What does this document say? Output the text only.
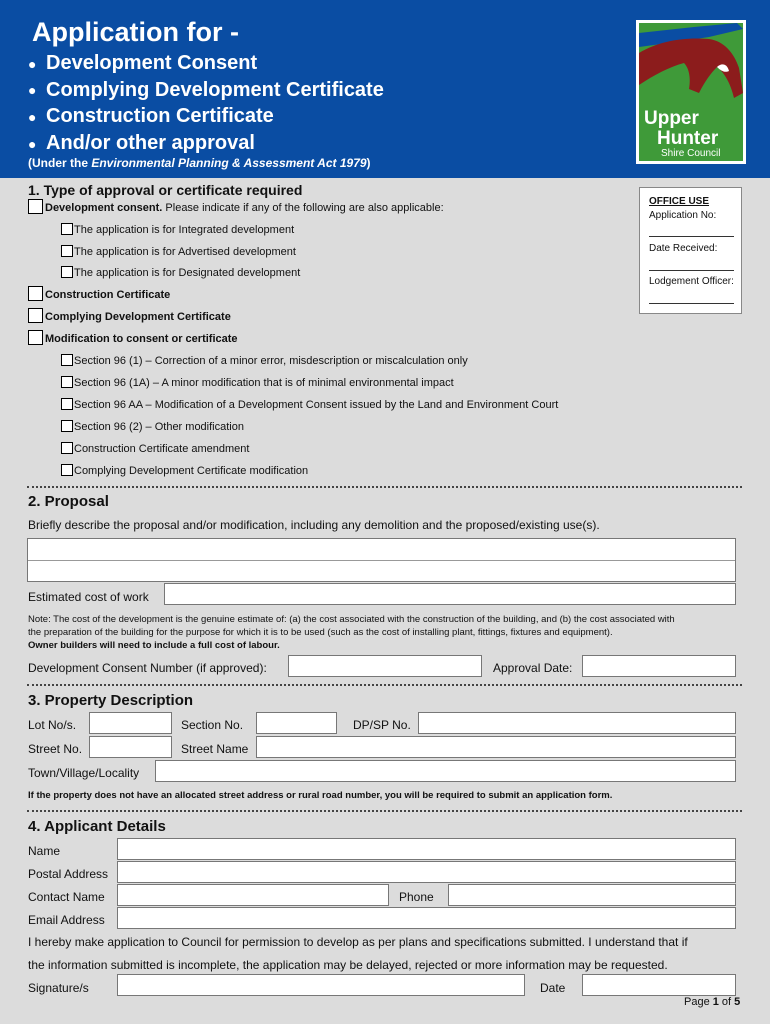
Application for -
● Development Consent
● Complying Development Certificate
● Construction Certificate
● And/or other approval
(Under the Environmental Planning & Assessment Act 1979)
Upper
Hunter
Shire Council
OFFICE USE
Application No:
Date Received:
Lodgement Officer:
1. Type of approval or certificate required
Development consent. Please indicate if any of the following are also applicable:
The application is for Integrated development
The application is for Advertised development
The application is for Designated development
Construction Certificate
Complying Development Certificate
Modification to consent or certificate
Section 96 (1) – Correction of a minor error, misdescription or miscalculation only
Section 96 (1A) – A minor modification that is of minimal environmental impact
Section 96 AA – Modification of a Development Consent issued by the Land and Environment Court
Section 96 (2) – Other modification
Construction Certificate amendment
Complying Development Certificate modification
2. Proposal
Briefly describe the proposal and/or modification, including any demolition and the proposed/existing use(s).
Estimated cost of work
Note: The cost of the development is the genuine estimate of: (a) the cost associated with the construction of the building, and (b) the cost associated with
the preparation of the building for the purpose for which it is to be used (such as the cost of installing plant, fittings, fixtures and equipment).
Owner builders will need to include a full cost of labour.
Development Consent Number (if approved):	Approval Date:
3. Property Description
Lot No/s.	Section No.	DP/SP No.
Street No.	Street Name
Town/Village/Locality
If the property does not have an allocated street address or rural road number, you will be required to submit an application form.
4. Applicant Details
Name
Postal Address
Contact Name	Phone
Email Address
I hereby make application to Council for permission to develop as per plans and specifications submitted. I understand that if
the information submitted is incomplete, the application may be delayed, rejected or more information may be requested.
Signature/s	Date
Page 1 of 5
